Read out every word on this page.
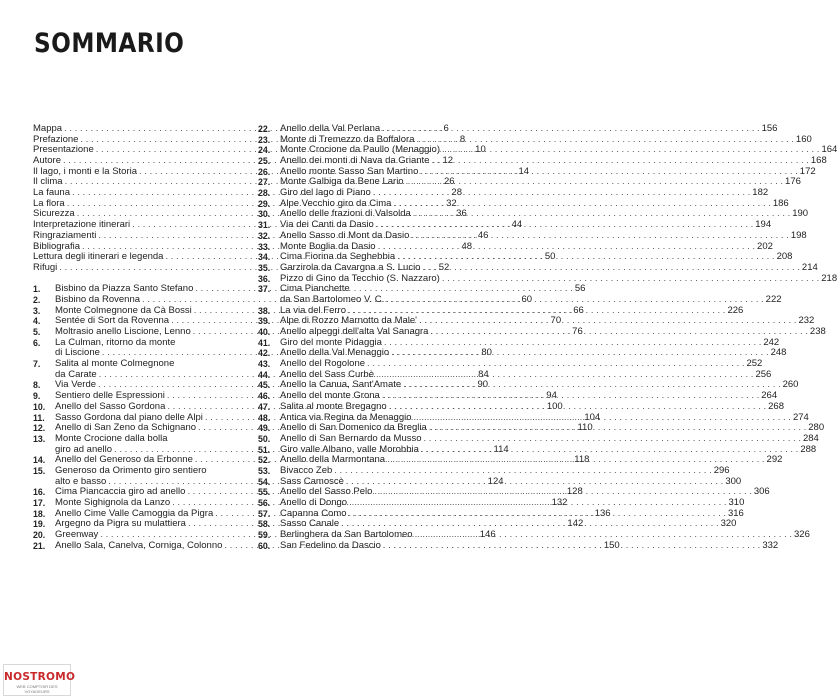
SOMMARIO
Mappa . . .	6
Prefazione . . .	8
Presentazione . . .	10
Autore . . .	12
Il lago, i monti e la Storia . . .	14
Il clima . . .	26
La fauna . . .	28
La flora . . .	32
Sicurezza . . .	36
Interpretazione itinerari . . .	44
Ringraziamenti . . .	46
Bibliografia . . .	48
Lettura degli itinerari e legenda . . .	50
Rifugi . . .	52
1.	Bisbino da Piazza Santo Stefano . . .	56
2.	Bisbino da Rovenna . . .	60
3.	Monte Colmegnone da Cà Bossi . . .	66
4.	Sentée di Sort da Rovenna . . .	70
5.	Moltrasio anello Liscione, Lenno . . .	76
6.	La Culman, ritorno da monte
di Liscione . . .	80
7.	Salita al monte Colmegnone
da Carate . . .	84
8.	Via Verde . . .	90
9.	Sentiero delle Espressioni . . .	94
10.	Anello del Sasso Gordona . . .	100
11.	Sasso Gordona dal piano delle Alpi . . .	104
12.	Anello di San Zeno da Schignano . . .	110
13.	Monte Crocione dalla bolla
giro ad anello . . .	114
14.	Anello del Generoso da Erbonne . . .	118
15.	Generoso da Orimento giro sentiero
alto e basso . . .	124
16.	Cima Piancaccia giro ad anello . . .	128
17.	Monte Sighignola da Lanzo . . .	132
18.	Anello Cime Valle Camoggia da Pigra . . .	136
19.	Argegno da Pigra su mulattiera . . .	142
20.	Greenway . . .	146
21.	Anello Sala, Canelva, Corniga, Colonno . . .	150
22.	Anello della Val Perlana . . .	156
23.	Monte di Tremezzo da Boffalora . . .	160
24.	Monte Crocione da Paullo (Menaggio) . . .	164
25.	Anello dei monti di Nava da Griante . . .	168
26.	Anello monte Sasso San Martino . . .	172
27.	Monte Galbiga da Bene Lario . . .	176
28.	Giro del lago di Piano . . .	182
29.	Alpe Vecchio giro da Cima . . .	186
30.	Anello delle frazioni di Valsolda . . .	190
31.	Via dei Canti da Dasio . . .	194
32.	Anello Sasso di Mont da Dasio . . .	198
33.	Monte Boglia da Dasio . . .	202
34.	Cima Fiorina da Seghebbia . . .	208
35.	Garzirola da Cavargna a S. Lucio . . .	214
36.	Pizzo di Gino da Tecchio (S. Nazzaro) . . .	218
37.	Cima Pianchette
da San Bartolomeo V. C. . . .	222
38.	La via del Ferro . . .	226
39.	Alpe di Rozzo Marnotto da Male' . . .	232
40.	Anello alpeggi dell'alta Val Sanagra . . .	238
41.	Giro del monte Pidaggia . . .	242
42.	Anello della Val Menaggio . . .	248
43.	Anello del Rogolone . . .	252
44.	Anello del Sass Curbè . . .	256
45.	Anello la Canua, Sant'Amate . . .	260
46.	Anello del monte Grona . . .	264
47.	Salita al monte Bregagno . . .	268
48.	Antica via Regina da Menaggio . . .	274
49.	Anello di San Domenico da Breglia . . .	280
50.	Anello di San Bernardo da Musso . . .	284
51.	Giro valle Albano, valle Morobbia . . .	288
52.	Anello della Marmontana . . .	292
53.	Bivacco Zeb . . .	296
54.	Sass Camoscè . . .	300
55.	Anello del Sasso Pelo . . .	306
56.	Anello di Dongo . . .	310
57.	Capanna Como . . .	316
58.	Sasso Canale . . .	320
59.	Berlinghera da San Bartolomeo . . .	326
60.	San Fedelino da Dascio . . .	332
NOSTROMO
WEB COMPTOIR DES VOYAGEURS
